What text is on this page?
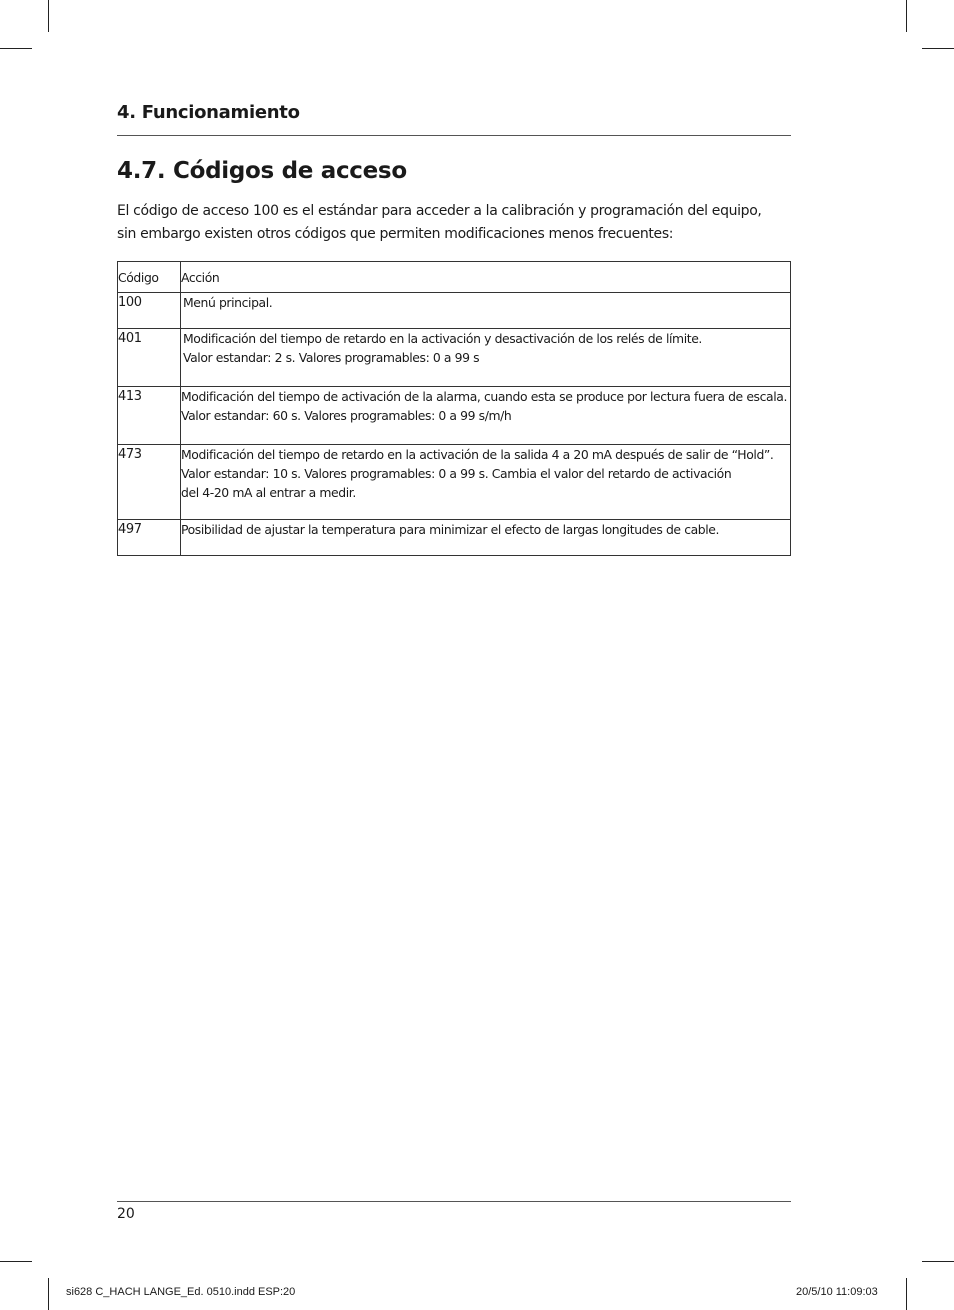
4. Funcionamiento
4.7. Códigos de acceso
El código de acceso 100 es el estándar para acceder a la calibración y programación del equipo,
sin embargo existen otros códigos que permiten modificaciones menos frecuentes:
Código	Acción
100	Menú principal.

401	Modificación del tiempo de retardo en la activación y desactivación de los relés de límite.
Valor estandar: 2 s. Valores programables: 0 a 99 s

413	Modificación del tiempo de activación de la alarma, cuando esta se produce por lectura fuera de escala.
Valor estandar: 60 s. Valores programables: 0 a 99 s/m/h

473	Modificación del tiempo de retardo en la activación de la salida 4 a 20 mA después de salir de “Hold”.
Valor estandar: 10 s. Valores programables: 0 a 99 s. Cambia el valor del retardo de activación
del 4-20 mA al entrar a medir.

497	Posibilidad de ajustar la temperatura para minimizar el efecto de largas longitudes de cable.
20
si628 C_HACH LANGE_Ed. 0510.indd ESP:20	20/5/10 11:09:03
